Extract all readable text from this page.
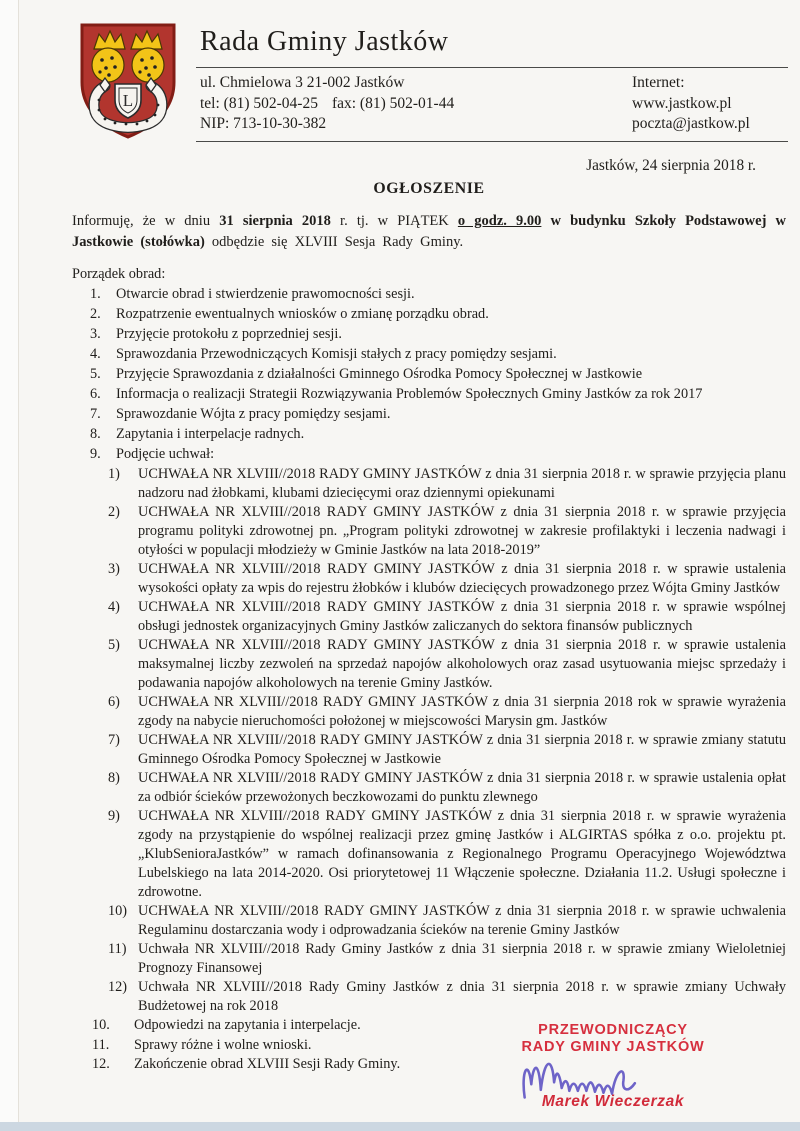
L
Rada Gminy Jastków
ul. Chmielowa 3 21-002 Jastków
tel: (81) 502-04-25 fax: (81) 502-01-44
NIP: 713-10-30-382
Internet:
www.jastkow.pl
poczta@jastkow.pl
Jastków, 24 sierpnia 2018 r.
OGŁOSZENIE

Informuję, że w dniu 31 sierpnia 2018 r. tj. w PIĄTEK o godz. 9.00 w budynku Szkoły Podstawowej w Jastkowie (stołówka) odbędzie się XLVIII Sesja Rady Gminy.

Porządek obrad:
1.	Otwarcie obrad i stwierdzenie prawomocności sesji.
2.	Rozpatrzenie ewentualnych wniosków o zmianę porządku obrad.
3.	Przyjęcie protokołu z poprzedniej sesji.
4.	Sprawozdania Przewodniczących Komisji stałych z pracy pomiędzy sesjami.
5.	Przyjęcie Sprawozdania z działalności Gminnego Ośrodka Pomocy Społecznej w Jastkowie
6.	Informacja o realizacji Strategii Rozwiązywania Problemów Społecznych Gminy Jastków za rok 2017
7.	Sprawozdanie Wójta z pracy pomiędzy sesjami.
8.	Zapytania i interpelacje radnych.
9.	Podjęcie uchwał:
1)	UCHWAŁA NR XLVIII//2018 RADY GMINY JASTKÓW z dnia 31 sierpnia 2018 r. w sprawie przyjęcia planu nadzoru nad żłobkami, klubami dziecięcymi oraz dziennymi opiekunami
2)	UCHWAŁA NR XLVIII//2018 RADY GMINY JASTKÓW z dnia 31 sierpnia 2018 r. w sprawie przyjęcia programu polityki zdrowotnej pn. „Program polityki zdrowotnej w zakresie profilaktyki i leczenia nadwagi i otyłości w populacji młodzieży w Gminie Jastków na lata 2018-2019”
3)	UCHWAŁA NR XLVIII//2018 RADY GMINY JASTKÓW z dnia 31 sierpnia 2018 r. w sprawie ustalenia wysokości opłaty za wpis do rejestru żłobków i klubów dziecięcych prowadzonego przez Wójta Gminy Jastków
4)	UCHWAŁA NR XLVIII//2018 RADY GMINY JASTKÓW z dnia 31 sierpnia 2018 r. w sprawie wspólnej obsługi jednostek organizacyjnych Gminy Jastków zaliczanych do sektora finansów publicznych
5)	UCHWAŁA NR XLVIII//2018 RADY GMINY JASTKÓW z dnia 31 sierpnia 2018 r. w sprawie ustalenia maksymalnej liczby zezwoleń na sprzedaż napojów alkoholowych oraz zasad usytuowania miejsc sprzedaży i podawania napojów alkoholowych na terenie Gminy Jastków.
6)	UCHWAŁA NR XLVIII//2018 RADY GMINY JASTKÓW z dnia 31 sierpnia 2018 rok w sprawie wyrażenia zgody na nabycie nieruchomości położonej w miejscowości Marysin gm. Jastków
7)	UCHWAŁA NR XLVIII//2018 RADY GMINY JASTKÓW z dnia 31 sierpnia 2018 r. w sprawie zmiany statutu Gminnego Ośrodka Pomocy Społecznej w Jastkowie
8)	UCHWAŁA NR XLVIII//2018 RADY GMINY JASTKÓW z dnia 31 sierpnia 2018 r. w sprawie ustalenia opłat za odbiór ścieków przewożonych beczkowozami do punktu zlewnego
9)	UCHWAŁA NR XLVIII//2018 RADY GMINY JASTKÓW z dnia 31 sierpnia 2018 r. w sprawie wyrażenia zgody na przystąpienie do wspólnej realizacji przez gminę Jastków i ALGIRTAS spółka z o.o. projektu pt.„KlubSenioraJastków” w ramach dofinansowania z Regionalnego Programu Operacyjnego Województwa Lubelskiego na lata 2014-2020. Osi priorytetowej 11 Włączenie społeczne. Działania 11.2. Usługi społeczne i zdrowotne.
10) UCHWAŁA NR XLVIII//2018 RADY GMINY JASTKÓW z dnia 31 sierpnia 2018 r. w sprawie uchwalenia Regulaminu dostarczania wody i odprowadzania ścieków na terenie Gminy Jastków
11) Uchwała NR XLVIII//2018 Rady Gminy Jastków z dnia 31 sierpnia 2018 r. w sprawie zmiany Wieloletniej Prognozy Finansowej
12) Uchwała NR XLVIII//2018 Rady Gminy Jastków z dnia 31 sierpnia 2018 r. w sprawie zmiany Uchwały Budżetowej na rok 2018
10.	Odpowiedzi na zapytania i interpelacje.
11.	Sprawy różne i wolne wnioski.
12.	Zakończenie obrad XLVIII Sesji Rady Gminy.
PRZEWODNICZĄCY
RADY GMINY JASTKÓW
Marek Wieczerzak
